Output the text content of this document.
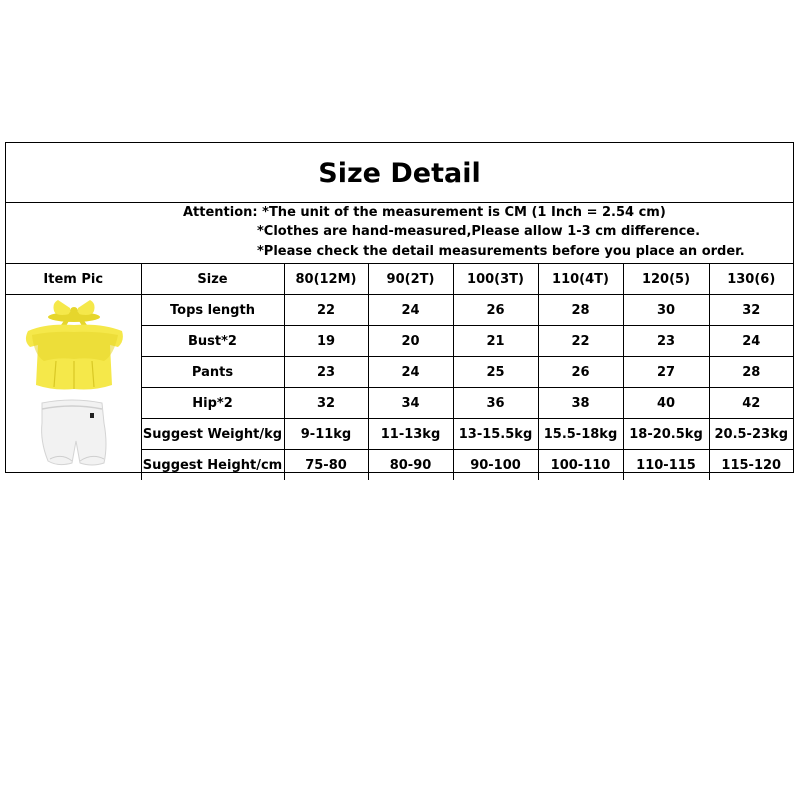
Size Detail
Attention: *The unit of the measurement is CM (1 Inch = 2.54 cm)
*Clothes are hand-measured,Please allow 1-3 cm difference.
*Please check the detail measurements before you place an order.
Item Pic	Size	80(12M)	90(2T)	100(3T)	110(4T)	120(5)	130(6)

	Tops length	22	24	26	28	30	32
	Bust*2	19	20	21	22	23	24
	Pants	23	24	25	26	27	28
	Hip*2	32	34	36	38	40	42
	Suggest Weight/kg	9-11kg	11-13kg	13-15.5kg	15.5-18kg	18-20.5kg	20.5-23kg
	Suggest Height/cm	75-80	80-90	90-100	100-110	110-115	115-120
